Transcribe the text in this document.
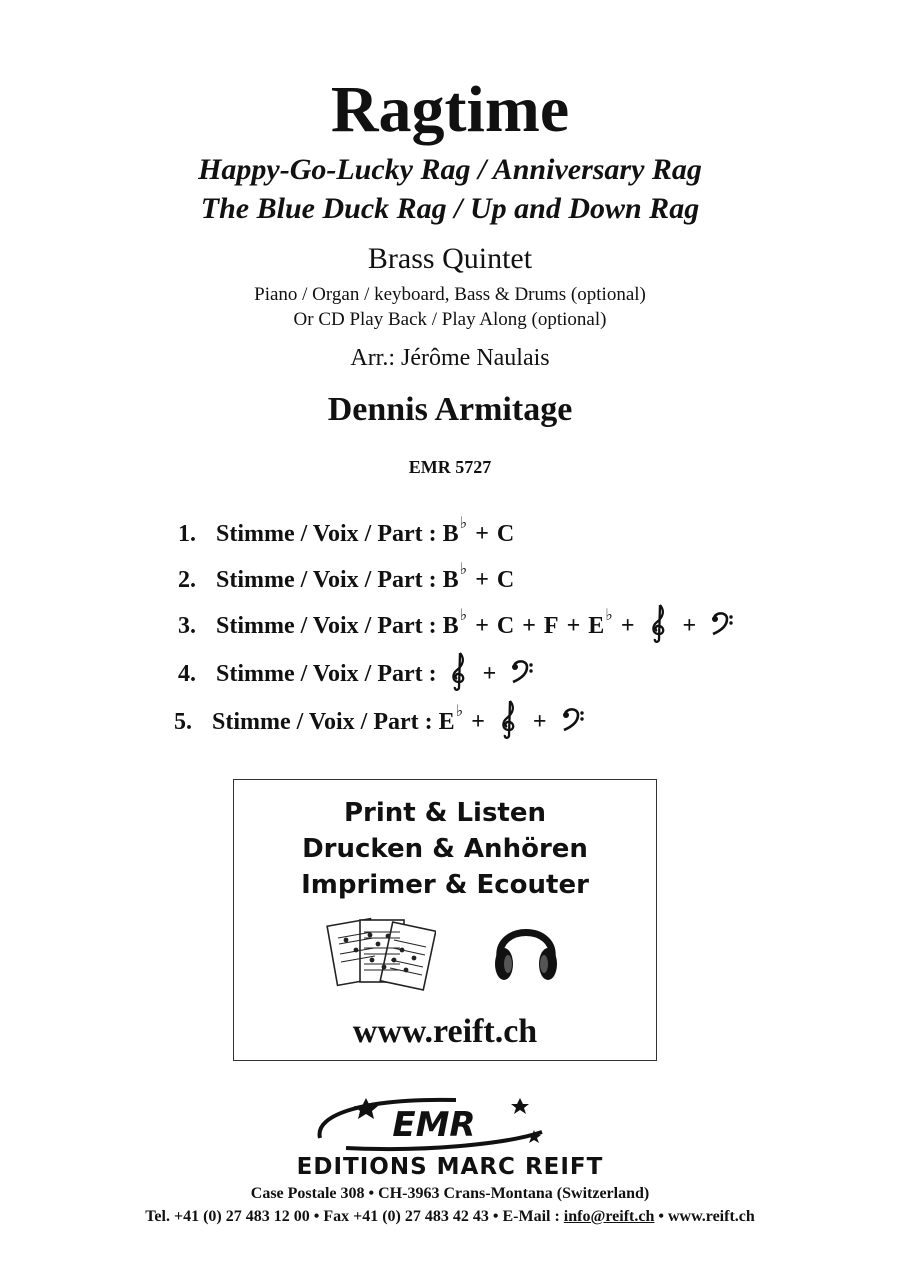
Ragtime
Happy-Go-Lucky Rag / Anniversary Rag
The Blue Duck Rag / Up and Down Rag
Brass Quintet
Piano / Organ / keyboard, Bass & Drums (optional)
Or CD Play Back / Play Along (optional)
Arr.: Jérôme Naulais
Dennis Armitage
EMR 5727
1. Stimme / Voix / Part : B ♭ + C
2. Stimme / Voix / Part : B ♭ + C
3. Stimme / Voix / Part : B ♭ + C + F + E ♭ + +
4. Stimme / Voix / Part : +
5. Stimme / Voix / Part : E ♭ + +
Print & Listen
Drucken & Anhören
Imprimer & Ecouter
www.reift.ch
EMR
EDITIONS MARC REIFT
Case Postale 308 • CH-3963 Crans-Montana (Switzerland)
Tel. +41 (0) 27 483 12 00 • Fax +41 (0) 27 483 42 43 • E-Mail : info@reift.ch • www.reift.ch
